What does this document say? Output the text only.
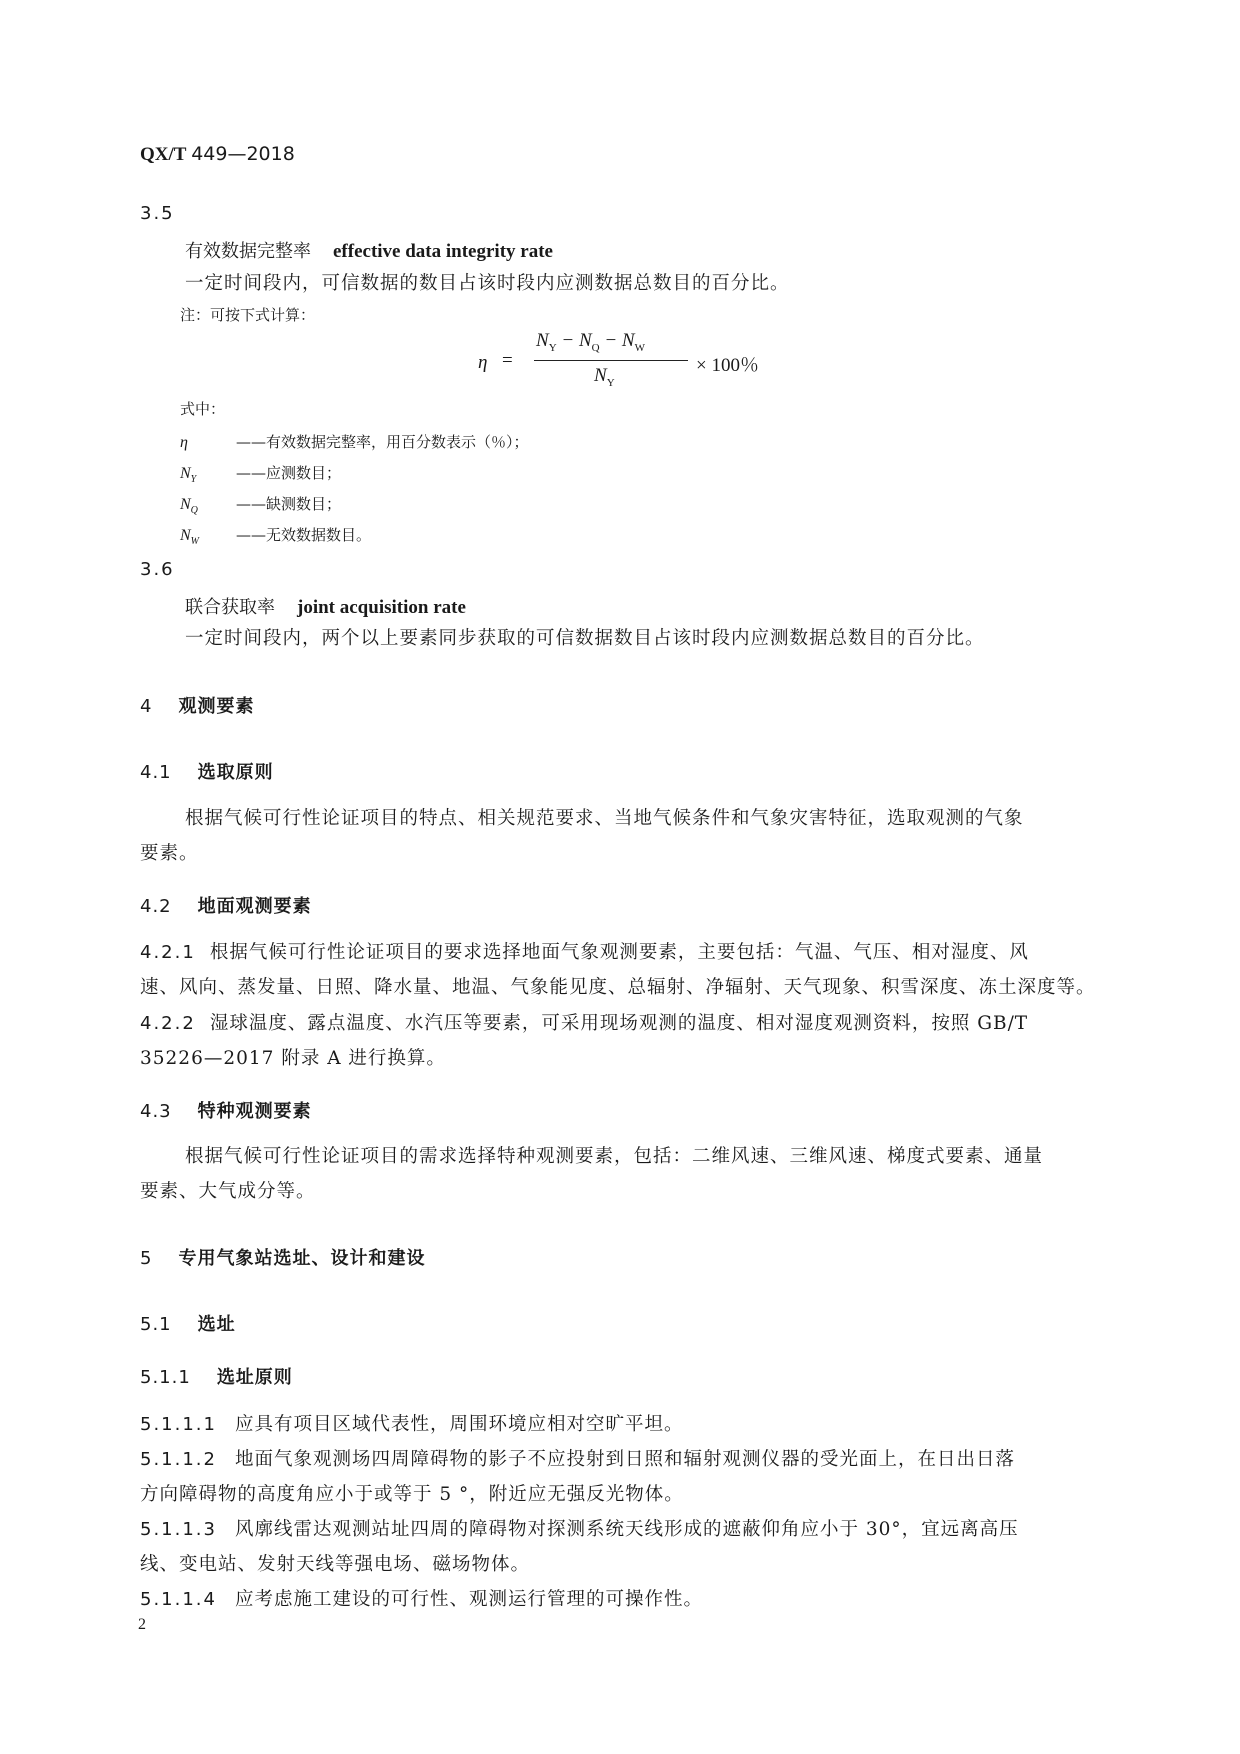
QX/T 449—2018
3.5
有效数据完整率 effective data integrity rate
一定时间段内，可信数据的数目占该时段内应测数据总数目的百分比。
注：可按下式计算：
η =
$N_Y - N_Q - N_W$
$N_Y$
× 100％
式中：
η	——有效数据完整率，用百分数表示（％）；
$N_Y$	——应测数目；
$N_Q$	——缺测数目；
$N_W$ ——无效数据数目。
3.6
联合获取率 joint acquisition rate
一定时间段内，两个以上要素同步获取的可信数据数目占该时段内应测数据总数目的百分比。
4 观测要素
4.1 选取原则
根据气候可行性论证项目的特点、相关规范要求、当地气候条件和气象灾害特征，选取观测的气象
要素。
4.2 地面观测要素
4.2.1 根据气候可行性论证项目的要求选择地面气象观测要素，主要包括：气温、气压、相对湿度、风
速、风向、蒸发量、日照、降水量、地温、气象能见度、总辐射、净辐射、天气现象、积雪深度、冻土深度等。
4.2.2 湿球温度、露点温度、水汽压等要素，可采用现场观测的温度、相对湿度观测资料，按照 GB/T
35226—2017 附录 A 进行换算。
4.3 特种观测要素
根据气候可行性论证项目的需求选择特种观测要素，包括：二维风速、三维风速、梯度式要素、通量
要素、大气成分等。
5 专用气象站选址、设计和建设
5.1 选址
5.1.1 选址原则
5.1.1.1 应具有项目区域代表性，周围环境应相对空旷平坦。
5.1.1.2 地面气象观测场四周障碍物的影子不应投射到日照和辐射观测仪器的受光面上，在日出日落
方向障碍物的高度角应小于或等于 5 °，附近应无强反光物体。
5.1.1.3 风廓线雷达观测站址四周的障碍物对探测系统天线形成的遮蔽仰角应小于 30°，宜远离高压
线、变电站、发射天线等强电场、磁场物体。
5.1.1.4 应考虑施工建设的可行性、观测运行管理的可操作性。
2
